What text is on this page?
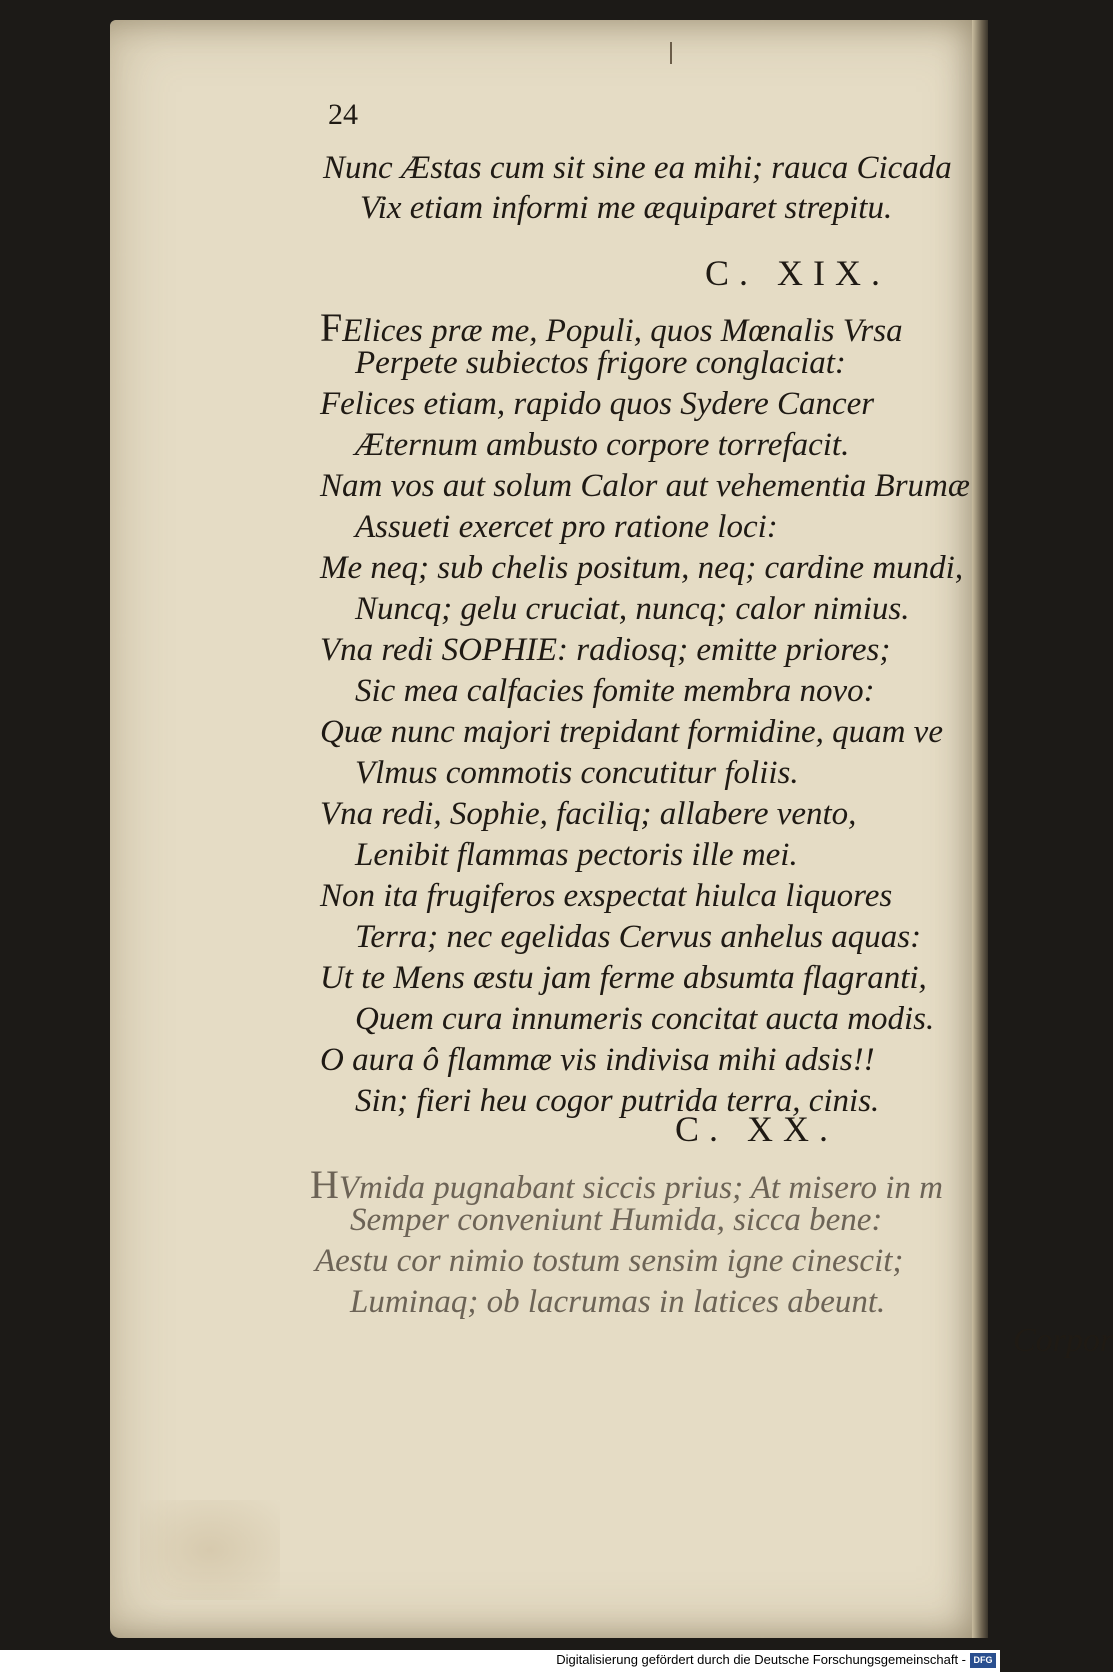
24
Nunc Æstas cum sit sine ea mihi; rauca Cicada
Vix etiam informi me æquiparet strepitu.
C. XIX.
FElices præ me, Populi, quos Mœnalis Vrsa
Perpete subiectos frigore conglaciat:
Felices etiam, rapido quos Sydere Cancer
Æternum ambusto corpore torrefacit.
Nam vos aut solum Calor aut vehementia Brumæ
Assueti exercet pro ratione loci:
Me neq; sub chelis positum, neq; cardine mundi,
Nuncq; gelu cruciat, nuncq; calor nimius.
Vna redi SOPHIE: radiosq; emitte priores;
Sic mea calfacies fomite membra novo:
Quæ nunc majori trepidant formidine, quam ve
Vlmus commotis concutitur foliis.
Vna redi, Sophie, faciliq; allabere vento,
Lenibit flammas pectoris ille mei.
Non ita frugiferos exspectat hiulca liquores
Terra; nec egelidas Cervus anhelus aquas:
Ut te Mens æstu jam ferme absumta flagranti,
Quem cura innumeris concitat aucta modis.
O aura ô flammæ vis indivisa mihi adsis!!
Sin; fieri heu cogor putrida terra, cinis.
C. XX.
HVmida pugnabant siccis prius; At misero in m
Semper conveniunt Humida, sicca bene:
Aestu cor nimio tostum sensim igne cinescit;
Luminaq; ob lacrumas in latices abeunt.
Corpor
Digitalisierung gefördert durch die Deutsche Forschungsgemeinschaft - DFG
